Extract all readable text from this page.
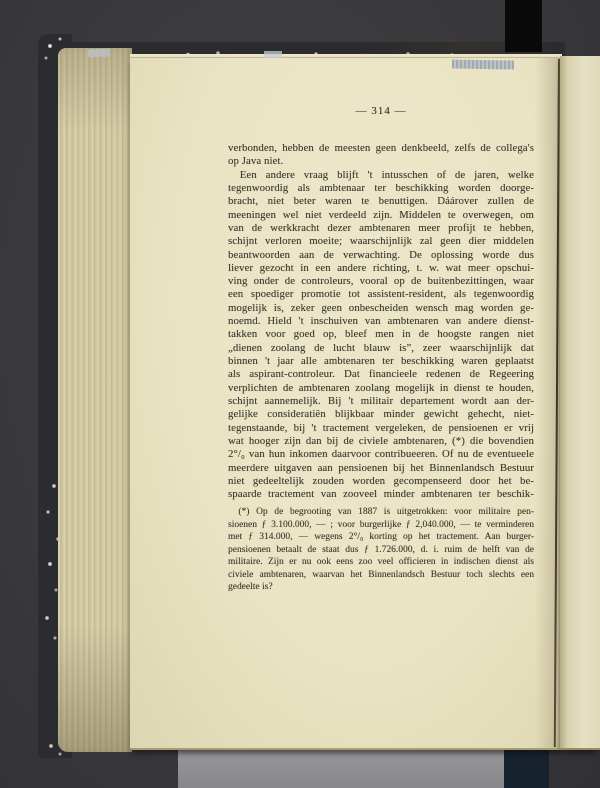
— 314 —
verbonden, hebben de meesten geen denkbeeld, zelfs de collega's
op Java niet.
Een andere vraag blijft 't intusschen of de jaren, welke
tegenwoordig als ambtenaar ter beschikking worden doorge-
bracht, niet beter waren te benuttigen. Dáárover zullen de
meeningen wel niet verdeeld zijn. Middelen te overwegen, om
van de werkkracht dezer ambtenaren meer profijt te hebben,
schijnt verloren moeite; waarschijnlijk zal geen dier middelen
beantwoorden aan de verwachting. De oplossing worde dus
liever gezocht in een andere richting, t. w. wat meer opschui-
ving onder de controleurs, vooral op de buitenbezittingen, waar
een spoediger promotie tot assistent-resident, als tegenwoordig
mogelijk is, zeker geen onbescheiden wensch mag worden ge-
noemd. Hield 't inschuiven van ambtenaren van andere dienst-
takken voor goed op, bleef men in de hoogste rangen niet
„dienen zoolang de lucht blauw is”, zeer waarschijnlijk dat
binnen 't jaar alle ambtenaren ter beschikking waren geplaatst
als aspirant-controleur. Dat financieele redenen de Regeering
verplichten de ambtenaren zoolang mogelijk in dienst te houden,
schijnt aannemelijk. Bij 't militair departement wordt aan der-
gelijke consideratiën blijkbaar minder gewicht gehecht, niet-
tegenstaande, bij 't tractement vergeleken, de pensioenen er vrij
wat hooger zijn dan bij de civiele ambtenaren, (*) die bovendien
2°/₀ van hun inkomen daarvoor contribueeren. Of nu de eventueele
meerdere uitgaven aan pensioenen bij het Binnenlandsch Bestuur
niet gedeeltelijk zouden worden gecompenseerd door het be-
spaarde tractement van zooveel minder ambtenaren ter beschik-
(*) Op de begrooting van 1887 is uitgetrokken: voor militaire pen-
sioenen ƒ 3.100.000, — ; voor burgerlijke ƒ 2,040.000, — te verminderen
met ƒ 314.000, — wegens 2°/₀ korting op het tractement. Aan burger-
pensioenen betaalt de staat dus ƒ 1.726.000, d. i. ruim de helft van de
militaire. Zijn er nu ook eens zoo veel officieren in indischen dienst als
civiele ambtenaren, waarvan het Binnenlandsch Bestuur toch slechts een
gedeelte is?
